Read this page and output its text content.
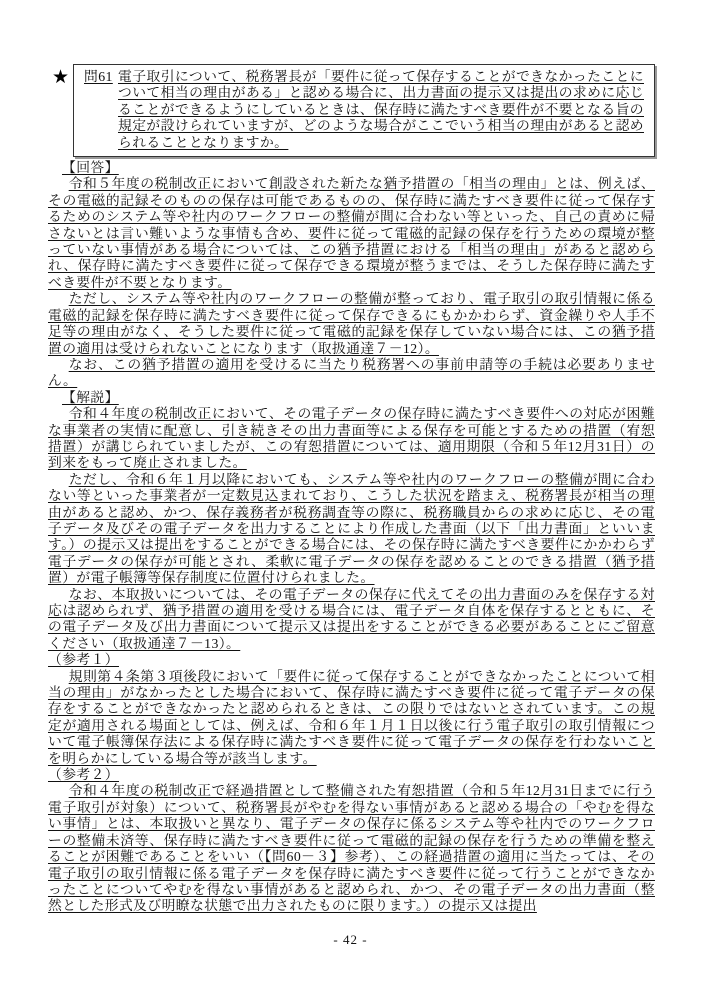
★ 問61 電子取引について、税務署長が「要件に従って保存することができなかったことについて相当の理由がある」と認める場合に、出力書面の提示又は提出の求めに応じることができるようにしているときは、保存時に満たすべき要件が不要となる旨の規定が設けられていますが、どのような場合がここでいう相当の理由があると認められることとなりますか。
【回答】
令和５年度の税制改正において創設された新たな猶予措置の「相当の理由」とは、例えば、その電磁的記録そのものの保存は可能であるものの、保存時に満たすべき要件に従って保存するためのシステム等や社内のワークフローの整備が間に合わない等といった、自己の責めに帰さないとは言い難いような事情も含め、要件に従って電磁的記録の保存を行うための環境が整っていない事情がある場合については、この猶予措置における「相当の理由」があると認められ、保存時に満たすべき要件に従って保存できる環境が整うまでは、そうした保存時に満たすべき要件が不要となります。
ただし、システム等や社内のワークフローの整備が整っており、電子取引の取引情報に係る電磁的記録を保存時に満たすべき要件に従って保存できるにもかかわらず、資金繰りや人手不足等の理由がなく、そうした要件に従って電磁的記録を保存していない場合には、この猶予措置の適用は受けられないことになります（取扱通達７－12）。
なお、この猶予措置の適用を受けるに当たり税務署への事前申請等の手続は必要ありません。
【解説】
令和４年度の税制改正において、その電子データの保存時に満たすべき要件への対応が困難な事業者の実情に配意し、引き続きその出力書面等による保存を可能とするための措置（宥恕措置）が講じられていましたが、この宥恕措置については、適用期限（令和５年12月31日）の到来をもって廃止されました。
ただし、令和６年１月以降においても、システム等や社内のワークフローの整備が間に合わない等といった事業者が一定数見込まれており、こうした状況を踏まえ、税務署長が相当の理由があると認め、かつ、保存義務者が税務調査等の際に、税務職員からの求めに応じ、その電子データ及びその電子データを出力することにより作成した書面（以下「出力書面」といいます。）の提示又は提出をすることができる場合には、その保存時に満たすべき要件にかかわらず電子データの保存が可能とされ、柔軟に電子データの保存を認めることのできる措置（猶予措置）が電子帳簿等保存制度に位置付けられました。
なお、本取扱いについては、その電子データの保存に代えてその出力書面のみを保存する対応は認められず、猶予措置の適用を受ける場合には、電子データ自体を保存するとともに、その電子データ及び出力書面について提示又は提出をすることができる必要があることにご留意ください（取扱通達７－13）。
（参考１）
規則第４条第３項後段において「要件に従って保存することができなかったことについて相当の理由」がなかったとした場合において、保存時に満たすべき要件に従って電子データの保存をすることができなかったと認められるときは、この限りではないとされています。この規定が適用される場面としては、例えば、令和６年１月１日以後に行う電子取引の取引情報について電子帳簿保存法による保存時に満たすべき要件に従って電子データの保存を行わないことを明らかにしている場合等が該当します。
（参考２）
令和４年度の税制改正で経過措置として整備された宥恕措置（令和５年12月31日までに行う電子取引が対象）について、税務署長がやむを得ない事情があると認める場合の「やむを得ない事情」とは、本取扱いと異なり、電子データの保存に係るシステム等や社内でのワークフローの整備未済等、保存時に満たすべき要件に従って電磁的記録の保存を行うための準備を整えることが困難であることをいい（【問60－３】参考）、この経過措置の適用に当たっては、その電子取引の取引情報に係る電子データを保存時に満たすべき要件に従って行うことができなかったことについてやむを得ない事情があると認められ、かつ、その電子データの出力書面（整然とした形式及び明瞭な状態で出力されたものに限ります。）の提示又は提出
- 42 -
